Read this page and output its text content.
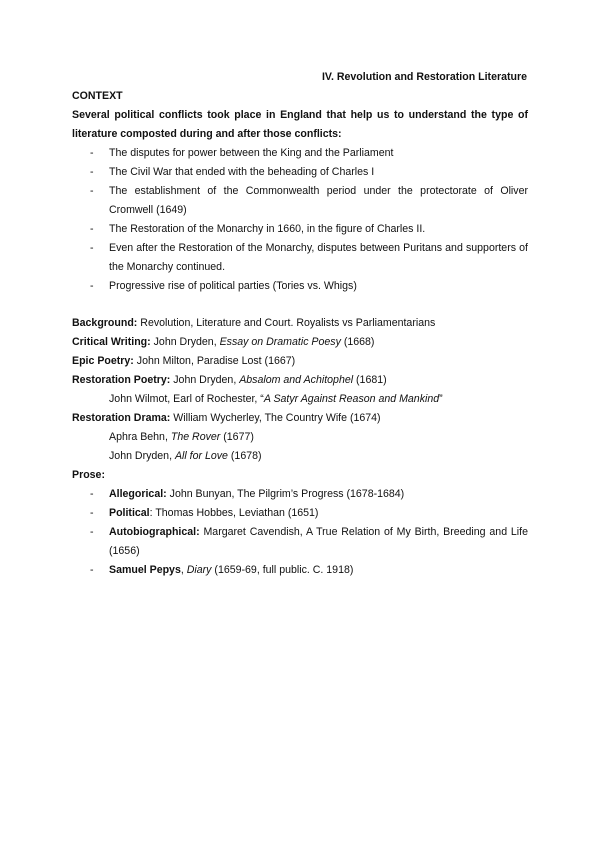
IV. Revolution and Restoration Literature
CONTEXT
Several political conflicts took place in England that help us to understand the type of literature composted during and after those conflicts:
- The disputes for power between the King and the Parliament
- The Civil War that ended with the beheading of Charles I
- The establishment of the Commonwealth period under the protectorate of Oliver Cromwell (1649)
- The Restoration of the Monarchy in 1660, in the figure of Charles II.
- Even after the Restoration of the Monarchy, disputes between Puritans and supporters of the Monarchy continued.
- Progressive rise of political parties (Tories vs. Whigs)
Background: Revolution, Literature and Court. Royalists vs Parliamentarians
Critical Writing: John Dryden, Essay on Dramatic Poesy (1668)
Epic Poetry: John Milton, Paradise Lost (1667)
Restoration Poetry: John Dryden, Absalom and Achitophel (1681)
John Wilmot, Earl of Rochester, “A Satyr Against Reason and Mankind”
Restoration Drama: William Wycherley, The Country Wife (1674)
Aphra Behn, The Rover (1677)
John Dryden, All for Love (1678)
Prose:
- Allegorical: John Bunyan, The Pilgrim’s Progress (1678-1684)
- Political: Thomas Hobbes, Leviathan (1651)
- Autobiographical: Margaret Cavendish, A True Relation of My Birth, Breeding and Life (1656)
- Samuel Pepys, Diary (1659-69, full public. C. 1918)
